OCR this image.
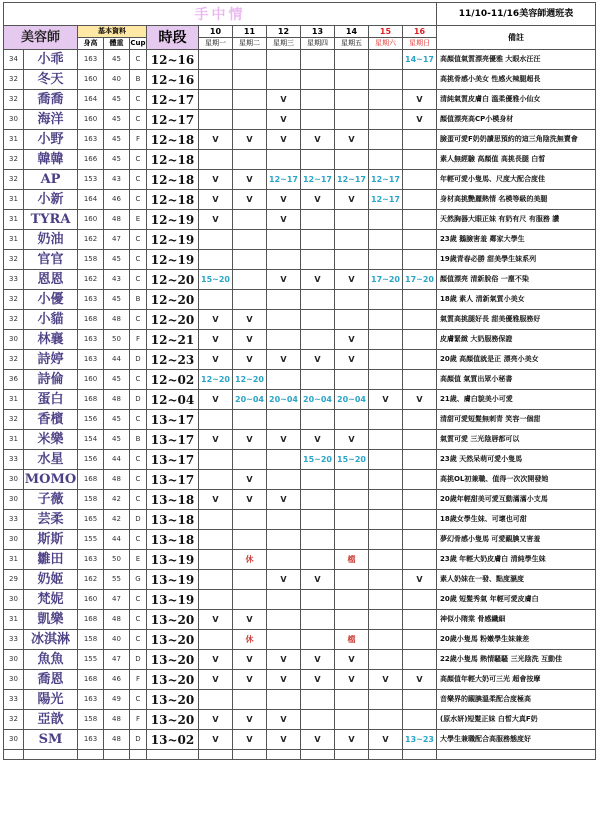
手中情													11/10-11/16美容師週班表
美容師		基本資料			時段	10	11	12	13	14	15	16	備註
		身高	體重	Cup		星期一	星期二	星期三	星期四	星期五	星期六	星期日	

34	小乖	163	45	C	12~16							14~17	高顏值氣質漂亮優雅 大眼水汪汪
32	冬天	160	40	B	12~16								高挑骨感小美女 性感火辣腿超長
32	喬喬	164	45	C	12~17			V				V	清純氣質皮膚白 溫柔優雅小仙女
30	海洋	160	45	C	12~17			V				V	顏值漂亮高CP小模身材
31	小野	163	45	F	12~18	V	V	V	V	V			臉蛋可愛F奶奶讀思預約的這三角陰洗無賣會
32	韓韓	166	45	C	12~18								素人無經驗 高顏值 高挑長腿 白皙
32	AP	153	43	C	12~18	V	V	12~17	12~17	12~17	12~17		年輕可愛小隻馬、尺度大配合度佳
31	小新	164	46	C	12~18	V	V	V	V	V	12~17		身材高挑艷麗熱情 名模等級的美腿
31	TYRA	160	48	E	12~19	V		V					天然胸器大眼正妹 有奶有尺 有服務 讚
31	奶油	162	47	C	12~19								23歲 鵝臉害羞 鄰家大學生
32	官官	158	45	C	12~19								19歲青春必勝 甜美學生妹系列
33	恩恩	162	43	C	12~20	15~20		V	V	V	17~20	17~20	顏值漂亮 清新脫俗 一塵不染
32	小優	163	45	B	12~20								18歲 素人 清新氣質小美女
32	小貓	168	48	C	12~20	V	V						氣質高挑腿好長 甜美優雅服務好
30	林襄	163	50	F	12~21	V	V			V			皮膚緊緻 大奶服務保證
32	詩婷	163	44	D	12~23	V	V	V	V	V			20歲 高顏值就是正 漂亮小美女
36	詩倫	160	45	C	12~02	12~20	12~20						高顏值 氣質出眾小秘書
31	蛋白	168	48	D	12~04	V	20~04	20~04	20~04	20~04	V	V	21歲、膚白貌美小可愛
32	香檳	156	45	C	13~17								清甜可愛短髮無刺青 笑容一個甜
31	米樂	154	45	B	13~17	V	V	V	V	V			氣質可愛 三光陰唇都可以
33	水星	156	44	C	13~17				15~20	15~20			23歲 天然呆萌可愛小隻馬
30	MOMO	168	48	C	13~17		V						高挑OL初兼職、值得一次次開發她
30	子薇	158	42	C	13~18	V	V	V					20歲年輕甜美可愛互動滿滿小支馬
33	芸柔	165	42	D	13~18								18歲女學生妹、可壞也可甜
30	斯斯	155	44	C	13~18								夢幻骨感小隻馬 可愛靦腆又害羞
31	雛田	163	50	E	13~19		休			檔			23歲 年輕大奶皮膚白 清純學生妹
29	奶姬	162	55	G	13~19			V	V			V	素人奶妹在一發、點度濕度
30	梵妮	160	47	C	13~19								20歲 短髮秀氣 年輕可愛皮膚白
31	凱樂	168	48	C	13~20	V	V						神似小隋棠 骨感纖細
33	冰淇淋	158	40	C	13~20		休			檔			20歲小隻馬 粉嫩學生妹兼差
30	魚魚	155	47	D	13~20	V	V	V	V	V			22歲小隻馬 熱情騷騷 三光陰洗 互動佳
30	喬恩	168	46	F	13~20	V	V	V	V	V	V	V	高顏值年輕大奶可三光 超會按摩
33	陽光	163	49	C	13~20								音樂界的靦腆溫柔配合度極高
32	亞歆	158	48	F	13~20	V	V	V					(原水妍)短髮正妹 白皙大真F奶
30	SM	163	48	D	13~02	V	V	V	V	V	V	13~23	大學生兼職配合高服務態度好
